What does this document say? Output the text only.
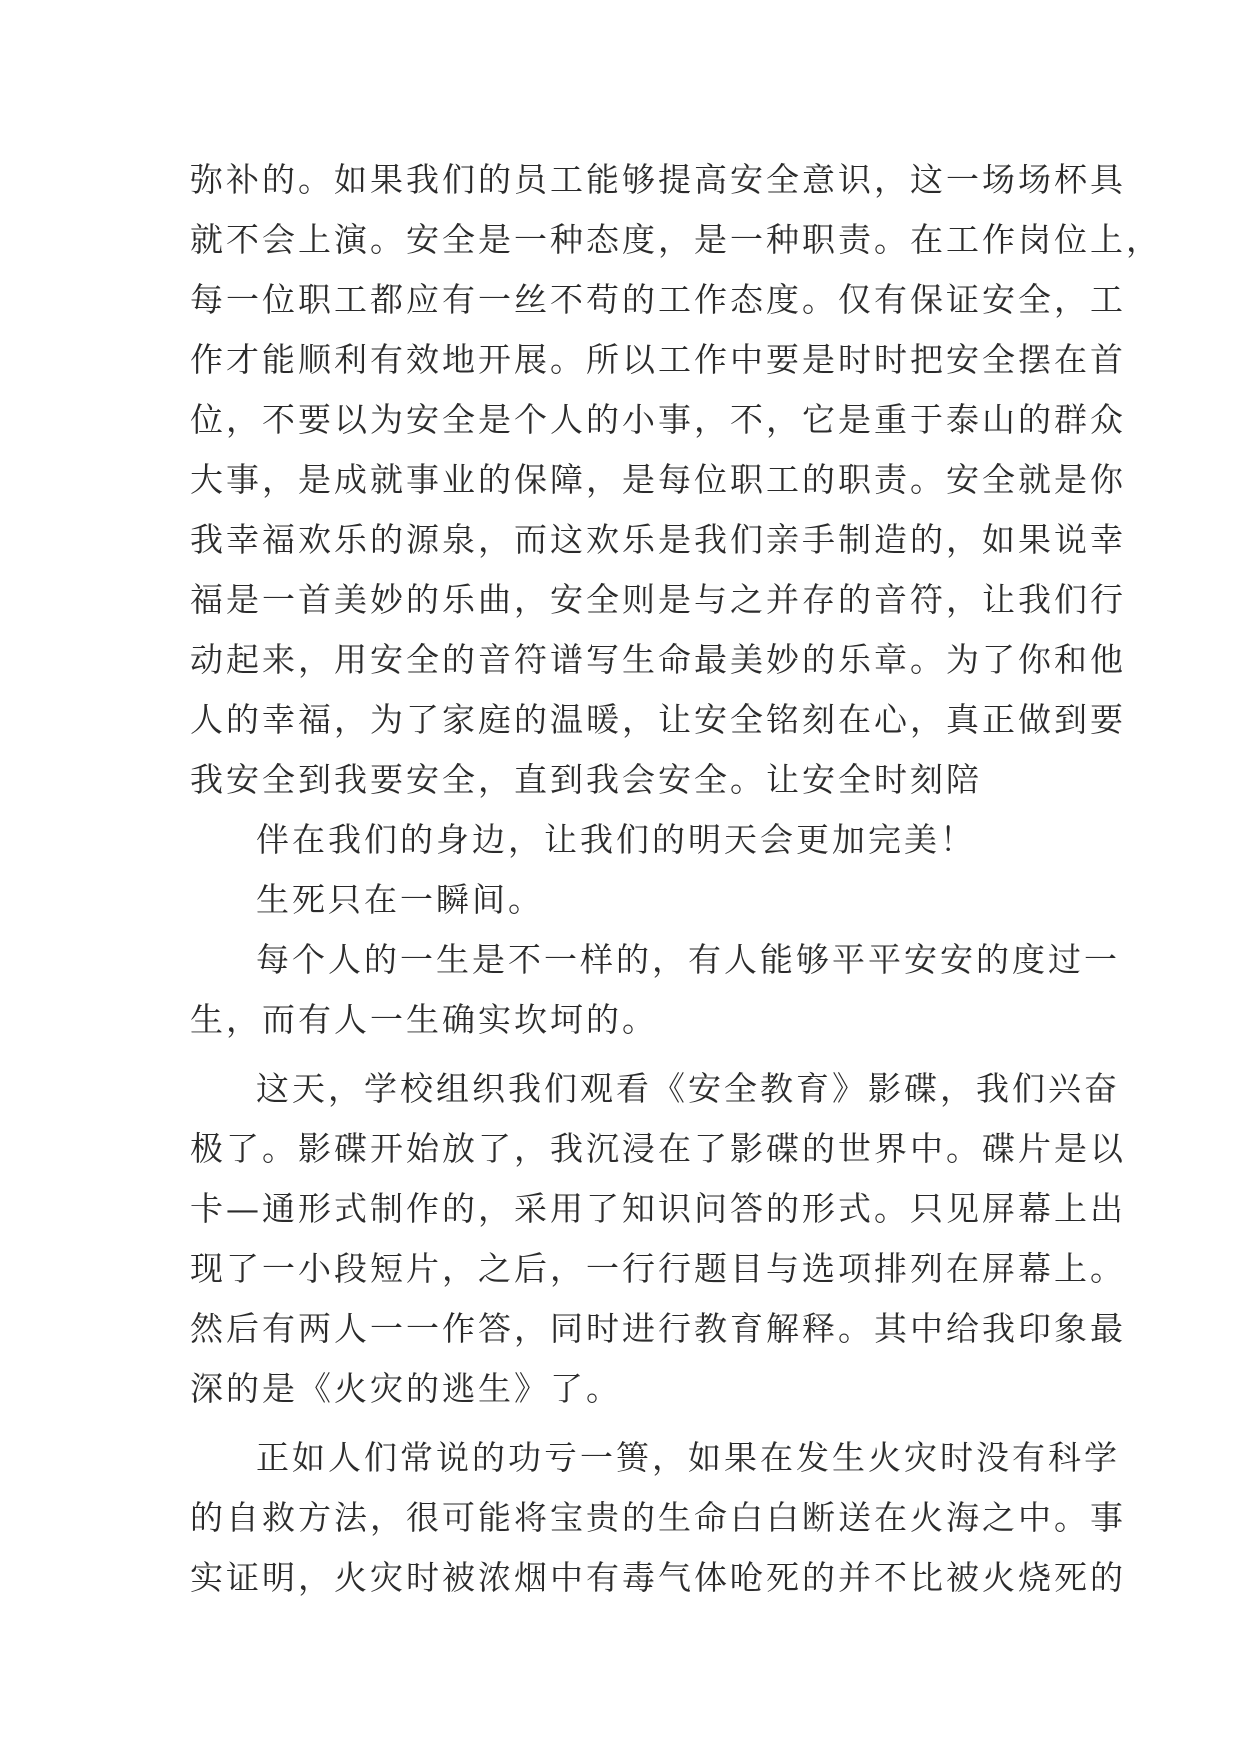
弥补的。如果我们的员工能够提高安全意识，这一场场杯具
就不会上演。安全是一种态度，是一种职责。在工作岗位上，
每一位职工都应有一丝不苟的工作态度。仅有保证安全，工
作才能顺利有效地开展。所以工作中要是时时把安全摆在首
位，不要以为安全是个人的小事，不，它是重于泰山的群众
大事，是成就事业的保障，是每位职工的职责。安全就是你
我幸福欢乐的源泉，而这欢乐是我们亲手制造的，如果说幸
福是一首美妙的乐曲，安全则是与之并存的音符，让我们行
动起来，用安全的音符谱写生命最美妙的乐章。为了你和他
人的幸福，为了家庭的温暖，让安全铭刻在心，真正做到要
我安全到我要安全，直到我会安全。让安全时刻陪
伴在我们的身边，让我们的明天会更加完美！
生死只在一瞬间。
每个人的一生是不一样的，有人能够平平安安的度过一
生，而有人一生确实坎坷的。
这天，学校组织我们观看《安全教育》影碟，我们兴奋
极了。影碟开始放了，我沉浸在了影碟的世界中。碟片是以
卡—通形式制作的，采用了知识问答的形式。只见屏幕上出
现了一小段短片，之后，一行行题目与选项排列在屏幕上。
然后有两人一一作答，同时进行教育解释。其中给我印象最
深的是《火灾的逃生》了。
正如人们常说的功亏一篑，如果在发生火灾时没有科学
的自救方法，很可能将宝贵的生命白白断送在火海之中。事
实证明，火灾时被浓烟中有毒气体呛死的并不比被火烧死的
